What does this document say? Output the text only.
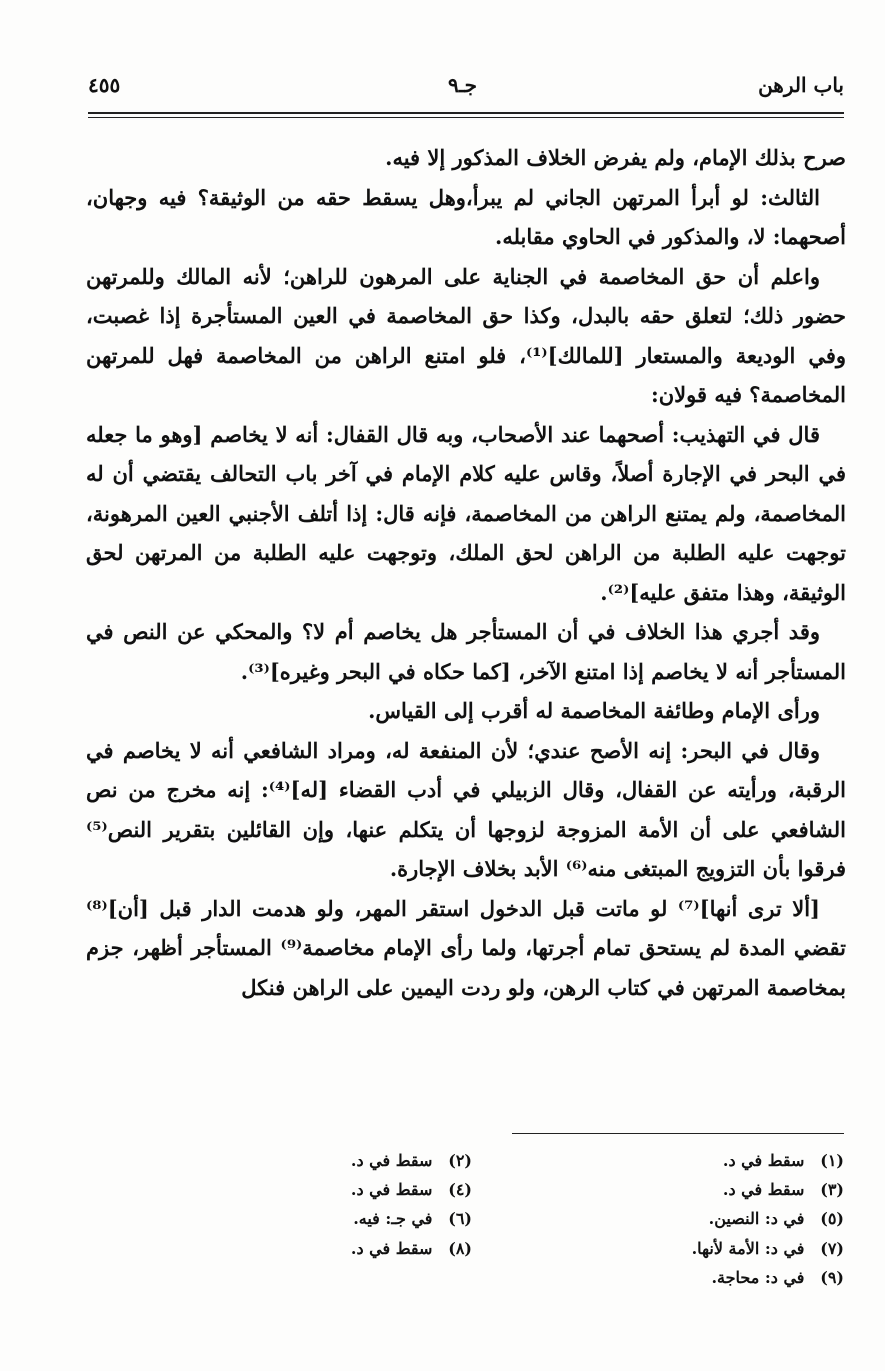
باب الرهن
جـ٩
٤٥٥

صرح بذلك الإمام، ولم يفرض الخلاف المذكور إلا فيه.

الثالث: لو أبرأ المرتهن الجاني لم يبرأ،وهل يسقط حقه من الوثيقة؟ فيه وجهان، أصحهما: لا، والمذكور في الحاوي مقابله.

واعلم أن حق المخاصمة في الجناية على المرهون للراهن؛ لأنه المالك وللمرتهن حضور ذلك؛ لتعلق حقه بالبدل، وكذا حق المخاصمة في العين المستأجرة إذا غصبت، وفي الوديعة والمستعار [للمالك]⁽¹⁾، فلو امتنع الراهن من المخاصمة فهل للمرتهن المخاصمة؟ فيه قولان:

قال في التهذيب: أصحهما عند الأصحاب، وبه قال القفال: أنه لا يخاصم [وهو ما جعله في البحر في الإجارة أصلاً، وقاس عليه كلام الإمام في آخر باب التحالف يقتضي أن له المخاصمة، ولم يمتنع الراهن من المخاصمة، فإنه قال: إذا أتلف الأجنبي العين المرهونة، توجهت عليه الطلبة من الراهن لحق الملك، وتوجهت عليه الطلبة من المرتهن لحق الوثيقة، وهذا متفق عليه]⁽²⁾.

وقد أجري هذا الخلاف في أن المستأجر هل يخاصم أم لا؟ والمحكي عن النص في المستأجر أنه لا يخاصم إذا امتنع الآخر، [كما حكاه في البحر وغيره]⁽³⁾.

ورأى الإمام وطائفة المخاصمة له أقرب إلى القياس.

وقال في البحر: إنه الأصح عندي؛ لأن المنفعة له، ومراد الشافعي أنه لا يخاصم في الرقبة، ورأيته عن القفال، وقال الزبيلي في أدب القضاء [له]⁽⁴⁾: إنه مخرج من نص الشافعي على أن الأمة المزوجة لزوجها أن يتكلم عنها، وإن القائلين بتقرير النص⁽⁵⁾ فرقوا بأن التزويج المبتغى منه⁽⁶⁾ الأبد بخلاف الإجارة.

[ألا ترى أنها]⁽⁷⁾ لو ماتت قبل الدخول استقر المهر، ولو هدمت الدار قبل [أن]⁽⁸⁾ تقضي المدة لم يستحق تمام أجرتها، ولما رأى الإمام مخاصمة⁽⁹⁾ المستأجر أظهر، جزم بمخاصمة المرتهن في كتاب الرهن، ولو ردت اليمين على الراهن فنكل

(١) سقط في د.
(٢) سقط في د.
(٣) سقط في د.
(٤) سقط في د.
(٥) في د: النصين.
(٦) في جـ: فيه.
(٧) في د: الأمة لأنها.
(٨) سقط في د.
(٩) في د: محاجة.
